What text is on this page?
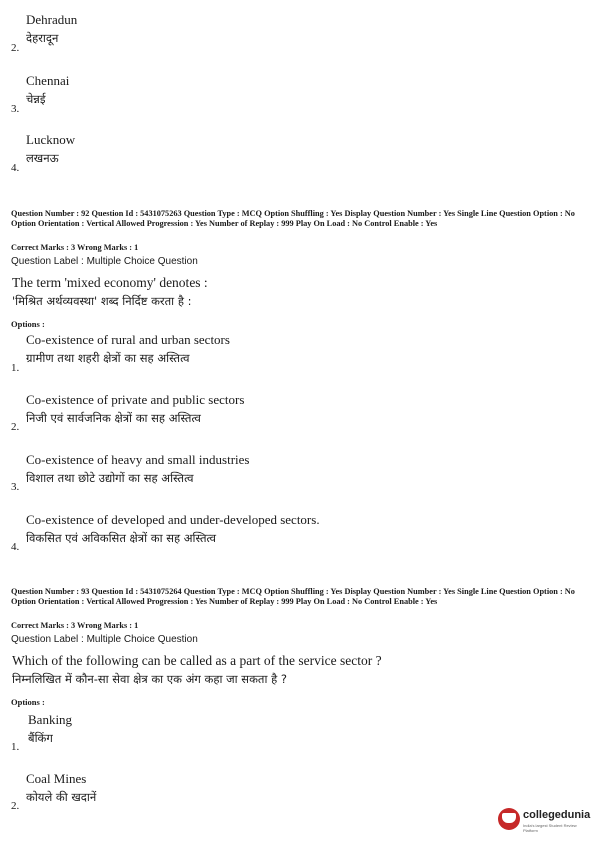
Dehradun
देहरादून
2.
Chennai
चेन्नई
3.
Lucknow
लखनऊ
4.
Question Number : 92 Question Id : 5431075263 Question Type : MCQ Option Shuffling : Yes Display Question Number : Yes Single Line Question Option : No Option Orientation : Vertical Allowed Progression : Yes Number of Replay : 999 Play On Load : No Control Enable : Yes
Correct Marks : 3 Wrong Marks : 1
Question Label : Multiple Choice Question
The term 'mixed economy' denotes :
'मिश्रित अर्थव्यवस्था' शब्द निर्दिष्ट करता है :
Options :
Co-existence of rural and urban sectors
ग्रामीण तथा शहरी क्षेत्रों का सह अस्तित्व
1.
Co-existence of private and public sectors
निजी एवं सार्वजनिक क्षेत्रों का सह अस्तित्व
2.
Co-existence of heavy and small industries
विशाल तथा छोटे उद्योगों का सह अस्तित्व
3.
Co-existence of developed and under-developed sectors.
विकसित एवं अविकसित क्षेत्रों का सह अस्तित्व
4.
Question Number : 93 Question Id : 5431075264 Question Type : MCQ Option Shuffling : Yes Display Question Number : Yes Single Line Question Option : No Option Orientation : Vertical Allowed Progression : Yes Number of Replay : 999 Play On Load : No Control Enable : Yes
Correct Marks : 3 Wrong Marks : 1
Question Label : Multiple Choice Question
Which of the following can be called as a part of the service sector ?
निम्नलिखित में कौन-सा सेवा क्षेत्र का एक अंग कहा जा सकता है ?
Options :
Banking
बैंकिंग
1.
Coal Mines
कोयले की खदानें
2.
collegedunia
India's largest Student Review Platform
